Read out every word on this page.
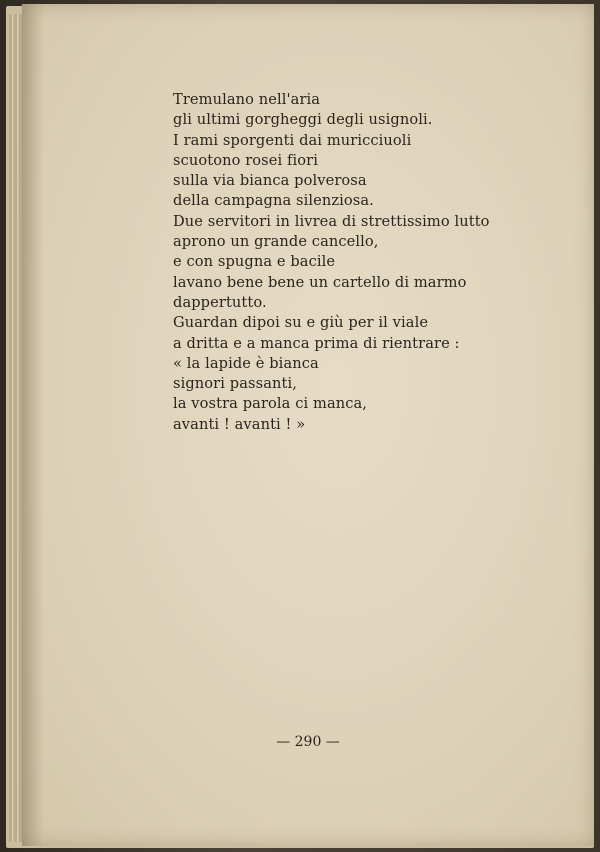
Tremulano nell'aria
gli ultimi gorgheggi degli usignoli.
I rami sporgenti dai muricciuoli
scuotono rosei fiori
sulla via bianca polverosa
della campagna silenziosa.
Due servitori in livrea di strettissimo lutto
aprono un grande cancello,
e con spugna e bacile
lavano bene bene un cartello di marmo
dappertutto.
Guardan dipoi su e giù per il viale
a dritta e a manca prima di rientrare :
« la lapide è bianca
signori passanti,
la vostra parola ci manca,
avanti ! avanti ! »
— 290 —
